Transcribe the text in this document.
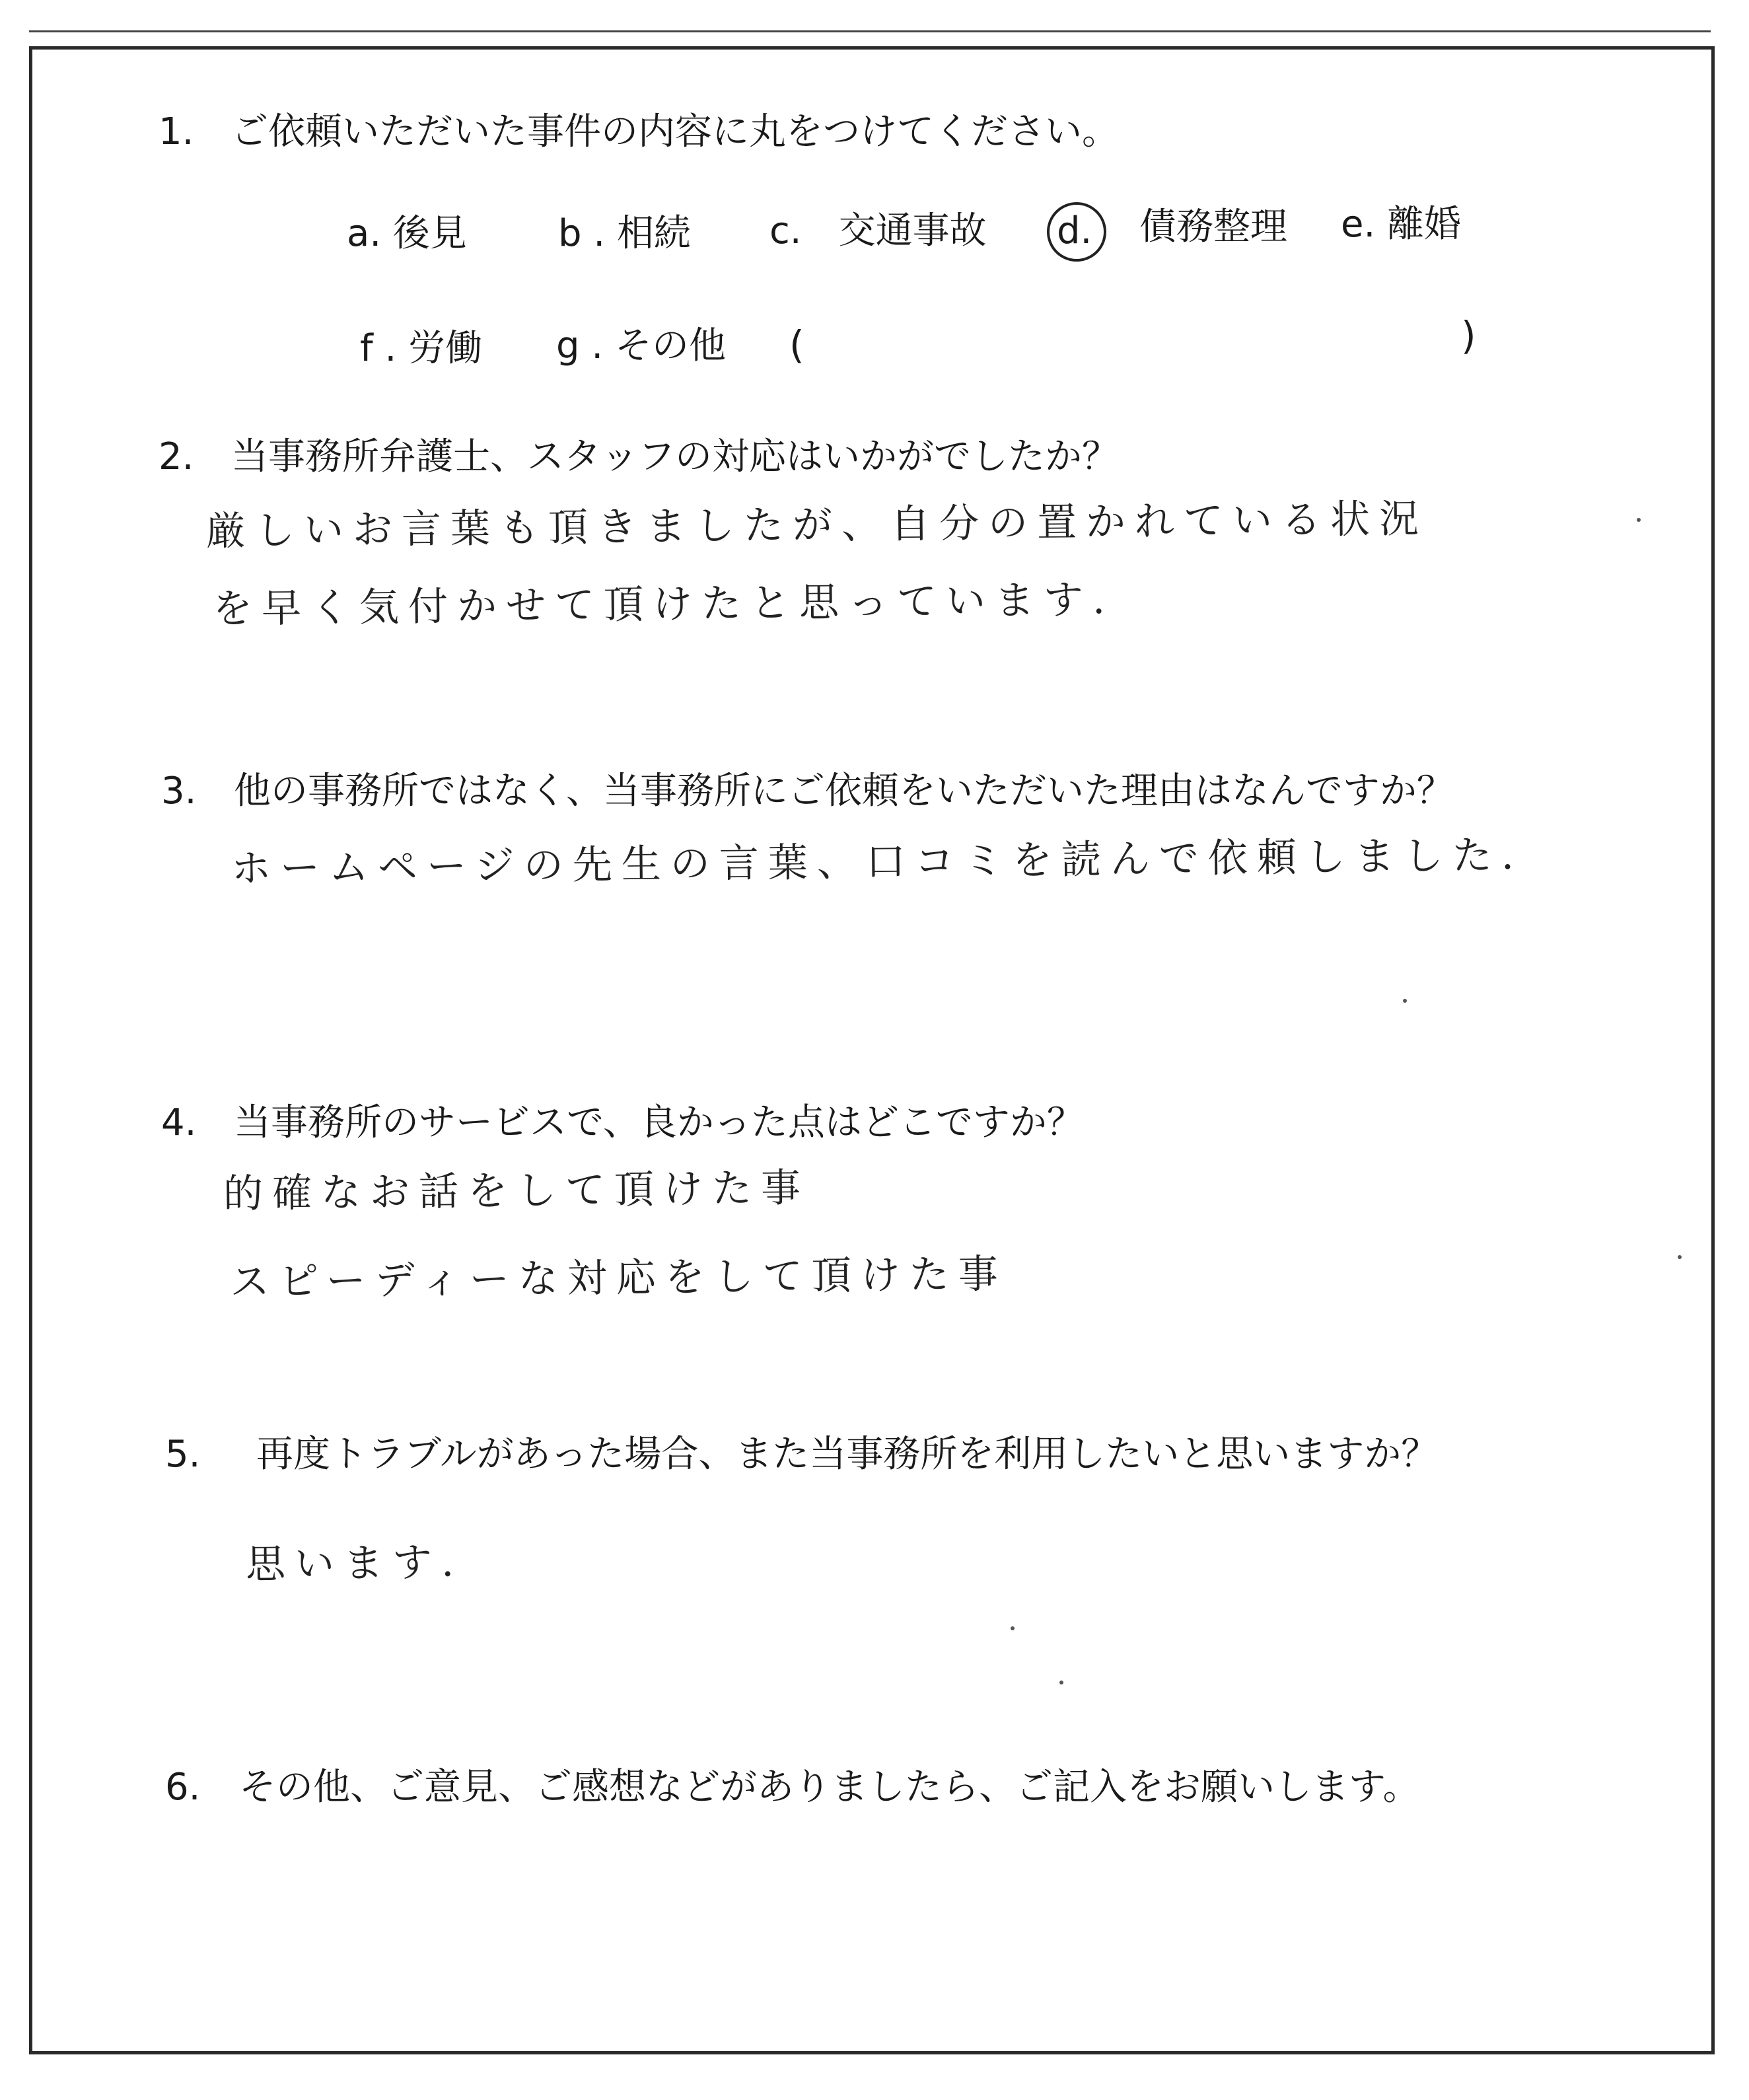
1. ご依頼いただいた事件の内容に丸をつけてください。
a. 後見 b . 相続 c.　交通事故 d. 債務整理 e. 離婚
f . 労働 g . その他 (	)
2. 当事務所弁護士、スタッフの対応はいかがでしたか？
厳しいお言葉も頂きましたが、自分の置かれている状況
を早く気付かせて頂けたと思っています.
3. 他の事務所ではなく、当事務所にご依頼をいただいた理由はなんですか？
ホームページの先生の言葉、口コミを読んで依頼しました.
4. 当事務所のサービスで、良かった点はどこですか？
的確なお話をして頂けた事
スピーディーな対応をして頂けた事
5. 再度トラブルがあった場合、また当事務所を利用したいと思いますか？
思います.
6. その他、ご意見、ご感想などがありましたら、ご記入をお願いします。
